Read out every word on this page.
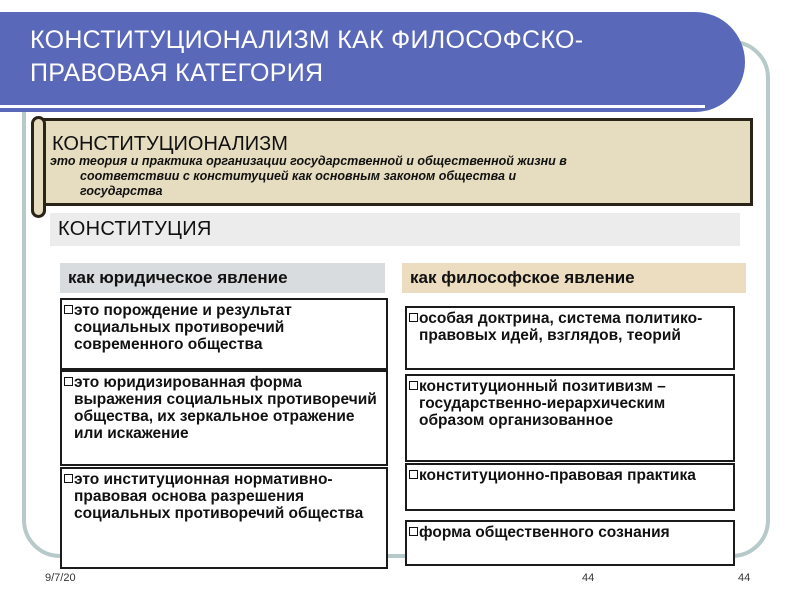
КОНСТИТУЦИОНАЛИЗМ КАК ФИЛОСОФСКО-ПРАВОВАЯ КАТЕГОРИЯ
КОНСТИТУЦИОНАЛИЗМ
это теория и практика организации государственной и общественной жизни в
соответствии с конституцией как основным законом общества и
государства
КОНСТИТУЦИЯ
как юридическое явление	как философское явление
это порождение и результат социальных противоречий современного общества
это юридизированная форма выражения социальных противоречий общества, их зеркальное отражение или искажение
это институционная нормативно-правовая основа разрешения социальных противоречий общества
особая доктрина, система политико-правовых идей, взглядов, теорий
конституционный позитивизм – государственно-иерархическим образом организованное
конституционно-правовая практика
форма общественного сознания
9/7/20	44	44
